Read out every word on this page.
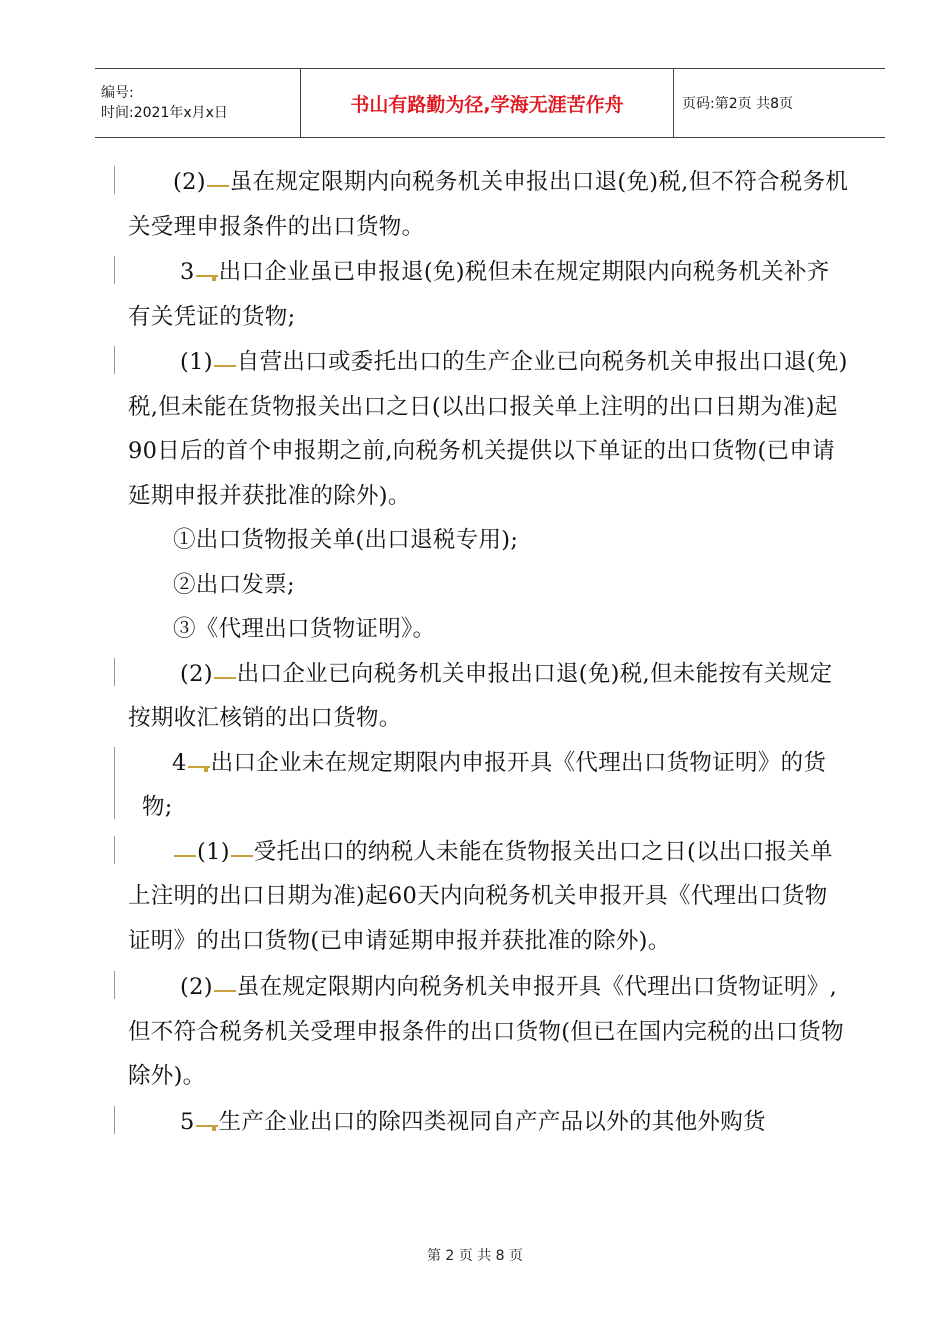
编号:
时间:2021年x月x日	书山有路勤为径,学海无涯苦作舟	页码:第2页 共8页

(2) 虽在规定限期内向税务机关申报出口退(免)税,但不符合税务机关受理申报条件的出口货物。

3 出口企业虽已申报退(免)税但未在规定期限内向税务机关补齐有关凭证的货物;

(1) 自营出口或委托出口的生产企业已向税务机关申报出口退(免)税,但未能在货物报关出口之日(以出口报关单上注明的出口日期为准)起90日后的首个申报期之前,向税务机关提供以下单证的出口货物(已申请延期申报并获批准的除外)。

①出口货物报关单(出口退税专用);

②出口发票;

③《代理出口货物证明》。

(2) 出口企业已向税务机关申报出口退(免)税,但未能按有关规定按期收汇核销的出口货物。

4 出口企业未在规定期限内申报开具《代理出口货物证明》的货物;

(1) 受托出口的纳税人未能在货物报关出口之日(以出口报关单上注明的出口日期为准)起60天内向税务机关申报开具《代理出口货物证明》的出口货物(已申请延期申报并获批准的除外)。

(2) 虽在规定限期内向税务机关申报开具《代理出口货物证明》,但不符合税务机关受理申报条件的出口货物(但已在国内完税的出口货物除外)。

5 生产企业出口的除四类视同自产产品以外的其他外购货

第 2 页 共 8 页
